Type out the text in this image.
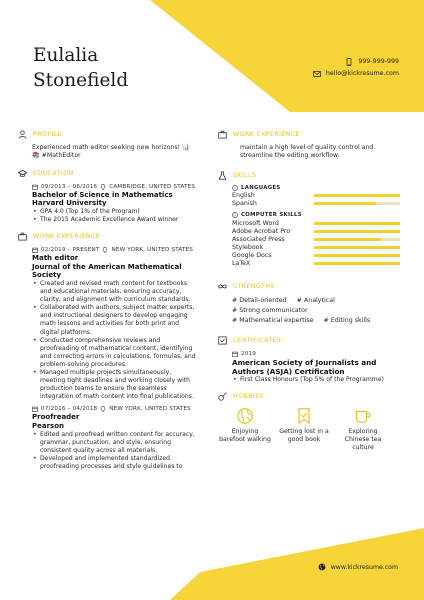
Eulalia
Stonefield
999-999-999
hello@kickresume.com
PROFILE
Experienced math editor seeking new horizons! 📊📚 #MathEditor
EDUCATION
09/2013 – 06/2016 CAMBRIDGE, UNITED STATES
Bachelor of Science in Mathematics
Harvard University
• GPA 4.0 (Top 1% of the Program)
• The 2015 Academic Excellence Award winner
WORK EXPERIENCE
02/2019 – PRESENT NEW YORK, UNITED STATES
Math editor
Journal of the American Mathematical Society
• Created and revised math content for textbooks and educational materials, ensuring accuracy, clarity, and alignment with curriculum standards.
• Collaborated with authors, subject matter experts, and instructional designers to develop engaging math lessons and activities for both print and digital platforms.
• Conducted comprehensive reviews and proofreading of mathematical content, identifying and correcting errors in calculations, formulas, and problem-solving procedures.
• Managed multiple projects simultaneously, meeting tight deadlines and working closely with production teams to ensure the seamless integration of math content into final publications.
07/2016 – 04/2018 NEW YORK, UNITED STATES
Proofreader
Pearson
• Edited and proofread written content for accuracy, grammar, punctuation, and style, ensuring consistent quality across all materials.
• Developed and implemented standardized proofreading processes and style guidelines to
WORK EXPERIENCE
maintain a high level of quality control and streamline the editing workflow.
SKILLS
LANGUAGES
English
Spanish
COMPUTER SKILLS
Microsoft Word
Adobe Acrobat Pro
Associated Press
Stylebook
Google Docs
LaTeX
STRENGTHS
# Detail-oriented # Analytical
# Strong communicator
# Mathematical expertise # Editing skills
CERTIFICATES
2019
American Society of Journalists and Authors (ASJA) Certification
• First Class Honours (Top 5% of the Programme)
HOBBIES
Enjoying barefoot walking
Getting lost in a good book
Exploring Chinese tea culture
www.kickresume.com
